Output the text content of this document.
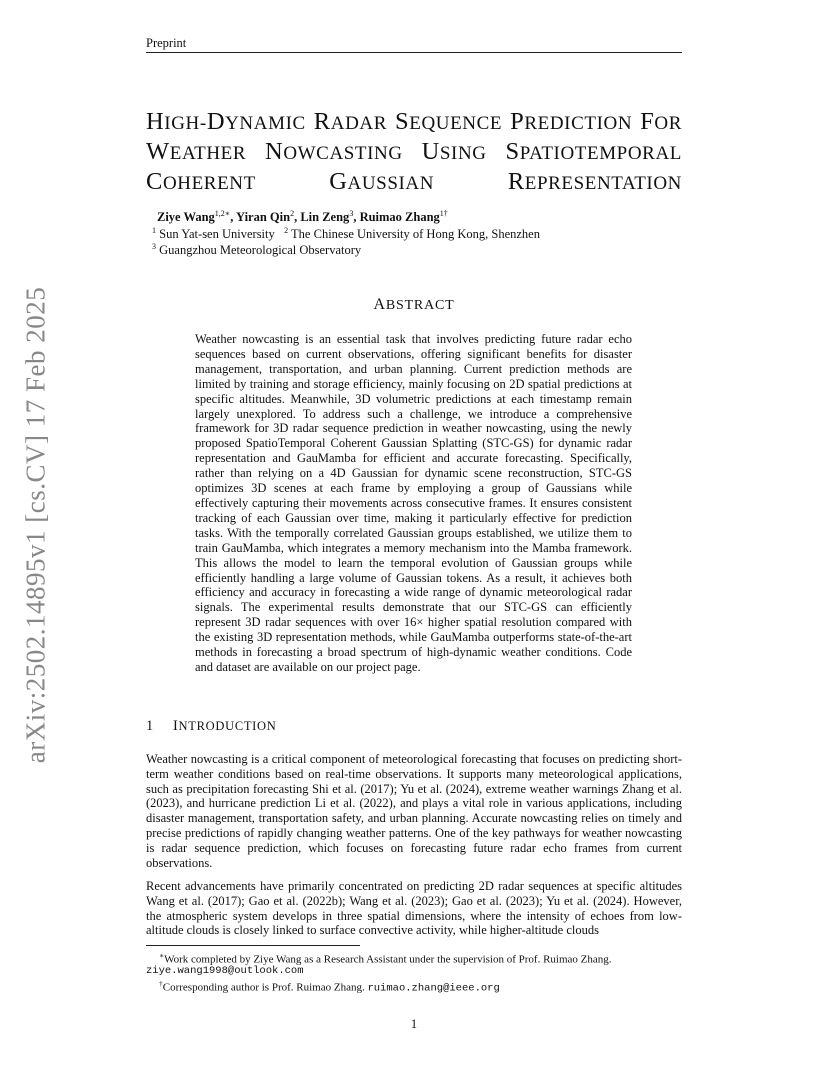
Preprint
arXiv:2502.14895v1 [cs.CV] 17 Feb 2025
HIGH-DYNAMIC RADAR SEQUENCE PREDICTION FOR
WEATHER NOWCASTING USING SPATIOTEMPORAL
COHERENT	GAUSSIAN	REPRESENTATION
Ziye Wang$^{1,2∗}$, Yiran Qin$^2$, Lin Zeng$^3$, Ruimao Zhang$^{1\dagger}$
$^1$ Sun Yat-sen University $^2$ The Chinese University of Hong Kong, Shenzhen
$^3$ Guangzhou Meteorological Observatory
ABSTRACT
Weather nowcasting is an essential task that involves predicting future radar echo sequences based on current observations, offering significant benefits for disaster management, transportation, and urban planning. Current prediction methods are limited by training and storage efficiency, mainly focusing on 2D spatial predictions at specific altitudes. Meanwhile, 3D volumetric predictions at each timestamp remain largely unexplored. To address such a challenge, we introduce a comprehensive framework for 3D radar sequence prediction in weather nowcasting, using the newly proposed SpatioTemporal Coherent Gaussian Splatting (STC-GS) for dynamic radar representation and GauMamba for efficient and accurate forecasting. Specifically, rather than relying on a 4D Gaussian for dynamic scene reconstruction, STC-GS optimizes 3D scenes at each frame by employing a group of Gaussians while effectively capturing their movements across consecutive frames. It ensures consistent tracking of each Gaussian over time, making it particularly effective for prediction tasks. With the temporally correlated Gaussian groups established, we utilize them to train GauMamba, which integrates a memory mechanism into the Mamba framework. This allows the model to learn the temporal evolution of Gaussian groups while efficiently handling a large volume of Gaussian tokens. As a result, it achieves both efficiency and accuracy in forecasting a wide range of dynamic meteorological radar signals. The experimental results demonstrate that our STC-GS can efficiently represent 3D radar sequences with over 16× higher spatial resolution compared with the existing 3D representation methods, while GauMamba outperforms state-of-the-art methods in forecasting a broad spectrum of high-dynamic weather conditions. Code and dataset are available on our project page.
1 INTRODUCTION
Weather nowcasting is a critical component of meteorological forecasting that focuses on predicting short-term weather conditions based on real-time observations. It supports many meteorological applications, such as precipitation forecasting Shi et al. (2017); Yu et al. (2024), extreme weather warnings Zhang et al. (2023), and hurricane prediction Li et al. (2022), and plays a vital role in various applications, including disaster management, transportation safety, and urban planning. Accurate nowcasting relies on timely and precise predictions of rapidly changing weather patterns. One of the key pathways for weather nowcasting is radar sequence prediction, which focuses on forecasting future radar echo frames from current observations.
Recent advancements have primarily concentrated on predicting 2D radar sequences at specific altitudes Wang et al. (2017); Gao et al. (2022b); Wang et al. (2023); Gao et al. (2023); Yu et al. (2024). However, the atmospheric system develops in three spatial dimensions, where the intensity of echoes from low-altitude clouds is closely linked to surface convective activity, while higher-altitude clouds
∗Work completed by Ziye Wang as a Research Assistant under the supervision of Prof. Ruimao Zhang.
ziye.wang1998@outlook.com
†Corresponding author is Prof. Ruimao Zhang. ruimao.zhang@ieee.org
1
